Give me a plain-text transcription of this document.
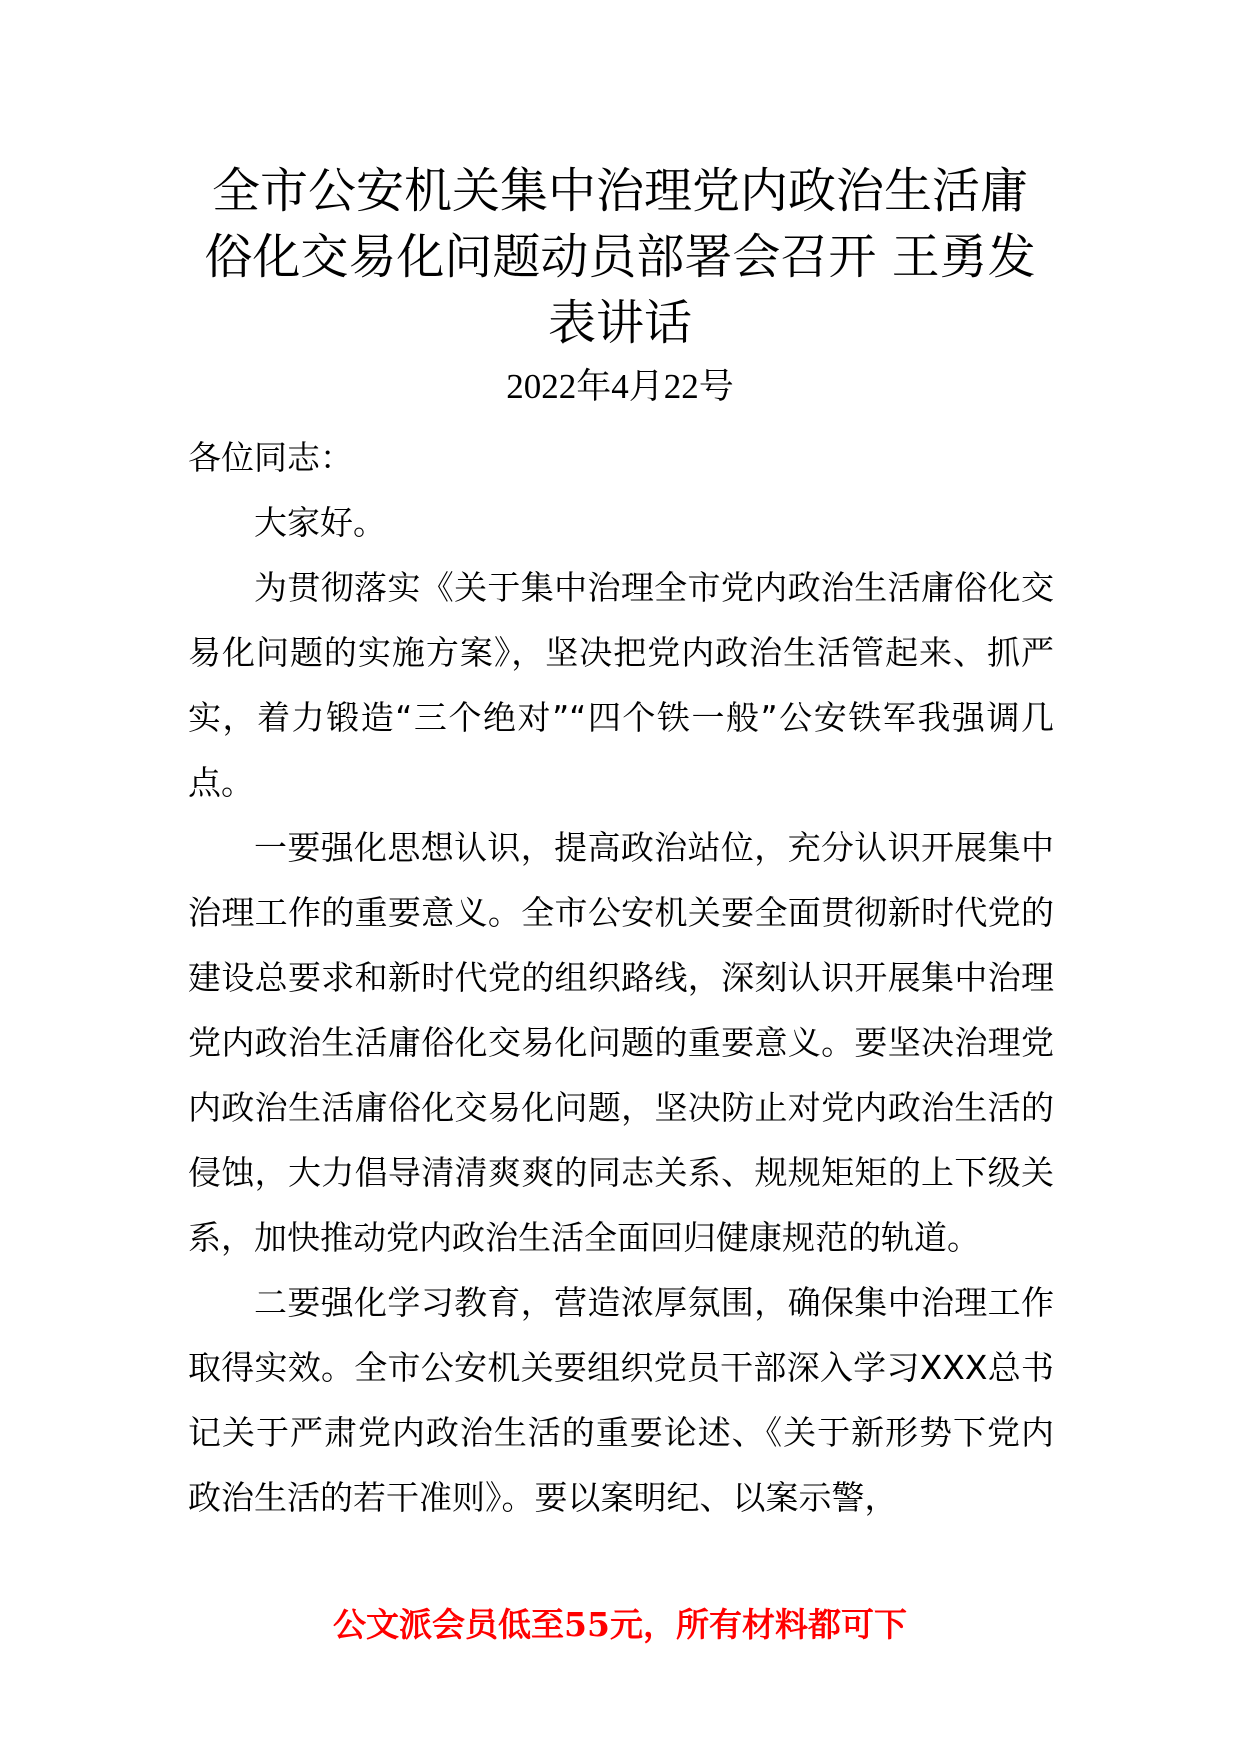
全市公安机关集中治理党内政治生活庸俗化交易化问题动员部署会召开 王勇发表讲话
2022年4月22号

各位同志：

大家好。

为贯彻落实《关于集中治理全市党内政治生活庸俗化交易化问题的实施方案》，坚决把党内政治生活管起来、抓严实，着力锻造“三个绝对”“四个铁一般”公安铁军我强调几点。

一要强化思想认识，提高政治站位，充分认识开展集中治理工作的重要意义。全市公安机关要全面贯彻新时代党的建设总要求和新时代党的组织路线，深刻认识开展集中治理党内政治生活庸俗化交易化问题的重要意义。要坚决治理党内政治生活庸俗化交易化问题，坚决防止对党内政治生活的侵蚀，大力倡导清清爽爽的同志关系、规规矩矩的上下级关系，加快推动党内政治生活全面回归健康规范的轨道。

二要强化学习教育，营造浓厚氛围，确保集中治理工作取得实效。全市公安机关要组织党员干部深入学习XXX总书记关于严肃党内政治生活的重要论述、《关于新形势下党内政治生活的若干准则》。要以案明纪、以案示警，

公文派会员低至55元，所有材料都可下
